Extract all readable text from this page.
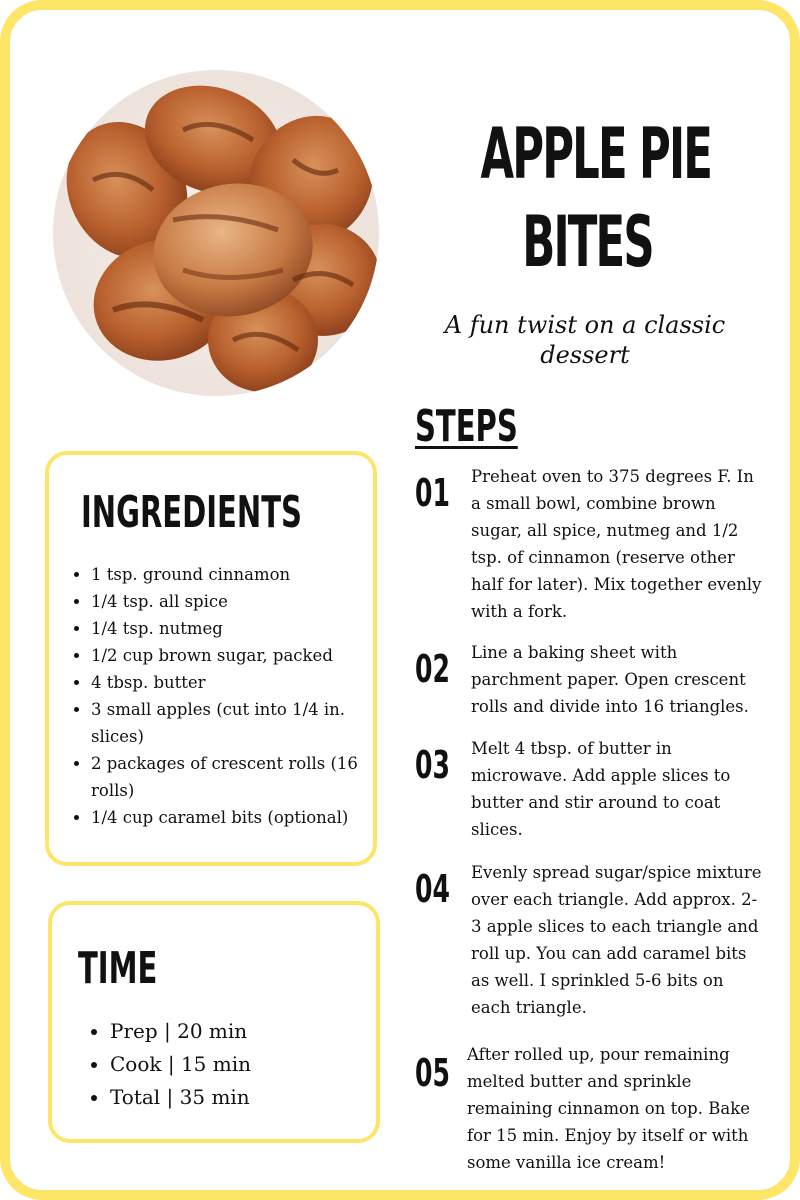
APPLE PIE
BITES
A fun twist on a classic dessert
STEPS
01 Preheat oven to 375 degrees F. In a small bowl, combine brown sugar, all spice, nutmeg and 1/2 tsp. of cinnamon (reserve other half for later). Mix together evenly with a fork.
02 Line a baking sheet with parchment paper. Open crescent rolls and divide into 16 triangles.
03 Melt 4 tbsp. of butter in microwave. Add apple slices to butter and stir around to coat slices.
04 Evenly spread sugar/spice mixture over each triangle. Add approx. 2-3 apple slices to each triangle and roll up. You can add caramel bits as well. I sprinkled 5-6 bits on each triangle.
05 After rolled up, pour remaining melted butter and sprinkle remaining cinnamon on top. Bake for 15 min. Enjoy by itself or with some vanilla ice cream!
INGREDIENTS
• 1 tsp. ground cinnamon
• 1/4 tsp. all spice
• 1/4 tsp. nutmeg
• 1/2 cup brown sugar, packed
• 4 tbsp. butter
• 3 small apples (cut into 1/4 in. slices)
• 2 packages of crescent rolls (16 rolls)
• 1/4 cup caramel bits (optional)
TIME
• Prep | 20 min
• Cook | 15 min
• Total | 35 min
